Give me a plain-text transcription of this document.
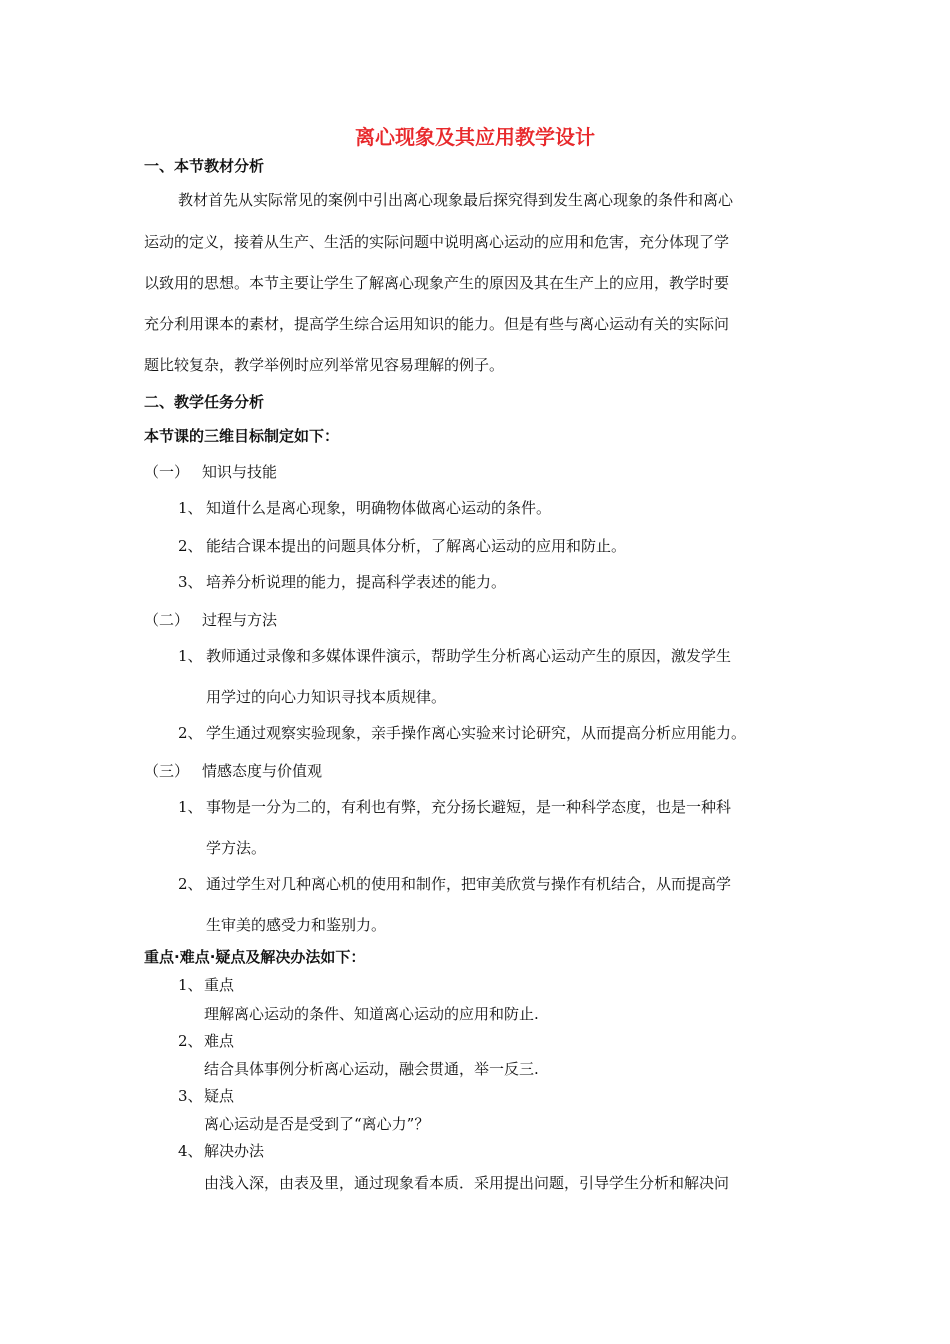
离心现象及其应用教学设计
一、本节教材分析
教材首先从实际常见的案例中引出离心现象最后探究得到发生离心现象的条件和离心
运动的定义，接着从生产、生活的实际问题中说明离心运动的应用和危害，充分体现了学
以致用的思想。本节主要让学生了解离心现象产生的原因及其在生产上的应用，教学时要
充分利用课本的素材，提高学生综合运用知识的能力。但是有些与离心运动有关的实际问
题比较复杂，教学举例时应列举常见容易理解的例子。
二、教学任务分析
本节课的三维目标制定如下：
（一） 知识与技能
1、 知道什么是离心现象，明确物体做离心运动的条件。
2、 能结合课本提出的问题具体分析，了解离心运动的应用和防止。
3、 培养分析说理的能力，提高科学表述的能力。
（二） 过程与方法
1、 教师通过录像和多媒体课件演示，帮助学生分析离心运动产生的原因，激发学生
用学过的向心力知识寻找本质规律。
2、 学生通过观察实验现象，亲手操作离心实验来讨论研究，从而提高分析应用能力。
（三） 情感态度与价值观
1、 事物是一分为二的，有利也有弊，充分扬长避短，是一种科学态度，也是一种科
学方法。
2、 通过学生对几种离心机的使用和制作，把审美欣赏与操作有机结合，从而提高学
生审美的感受力和鉴别力。
重点·难点·疑点及解决办法如下：
1、 重点
理解离心运动的条件、知道离心运动的应用和防止.
2、 难点
结合具体事例分析离心运动，融会贯通，举一反三.
3、 疑点
离心运动是否是受到了“离心力”？
4、 解决办法
由浅入深，由表及里，通过现象看本质．采用提出问题，引导学生分析和解决问
